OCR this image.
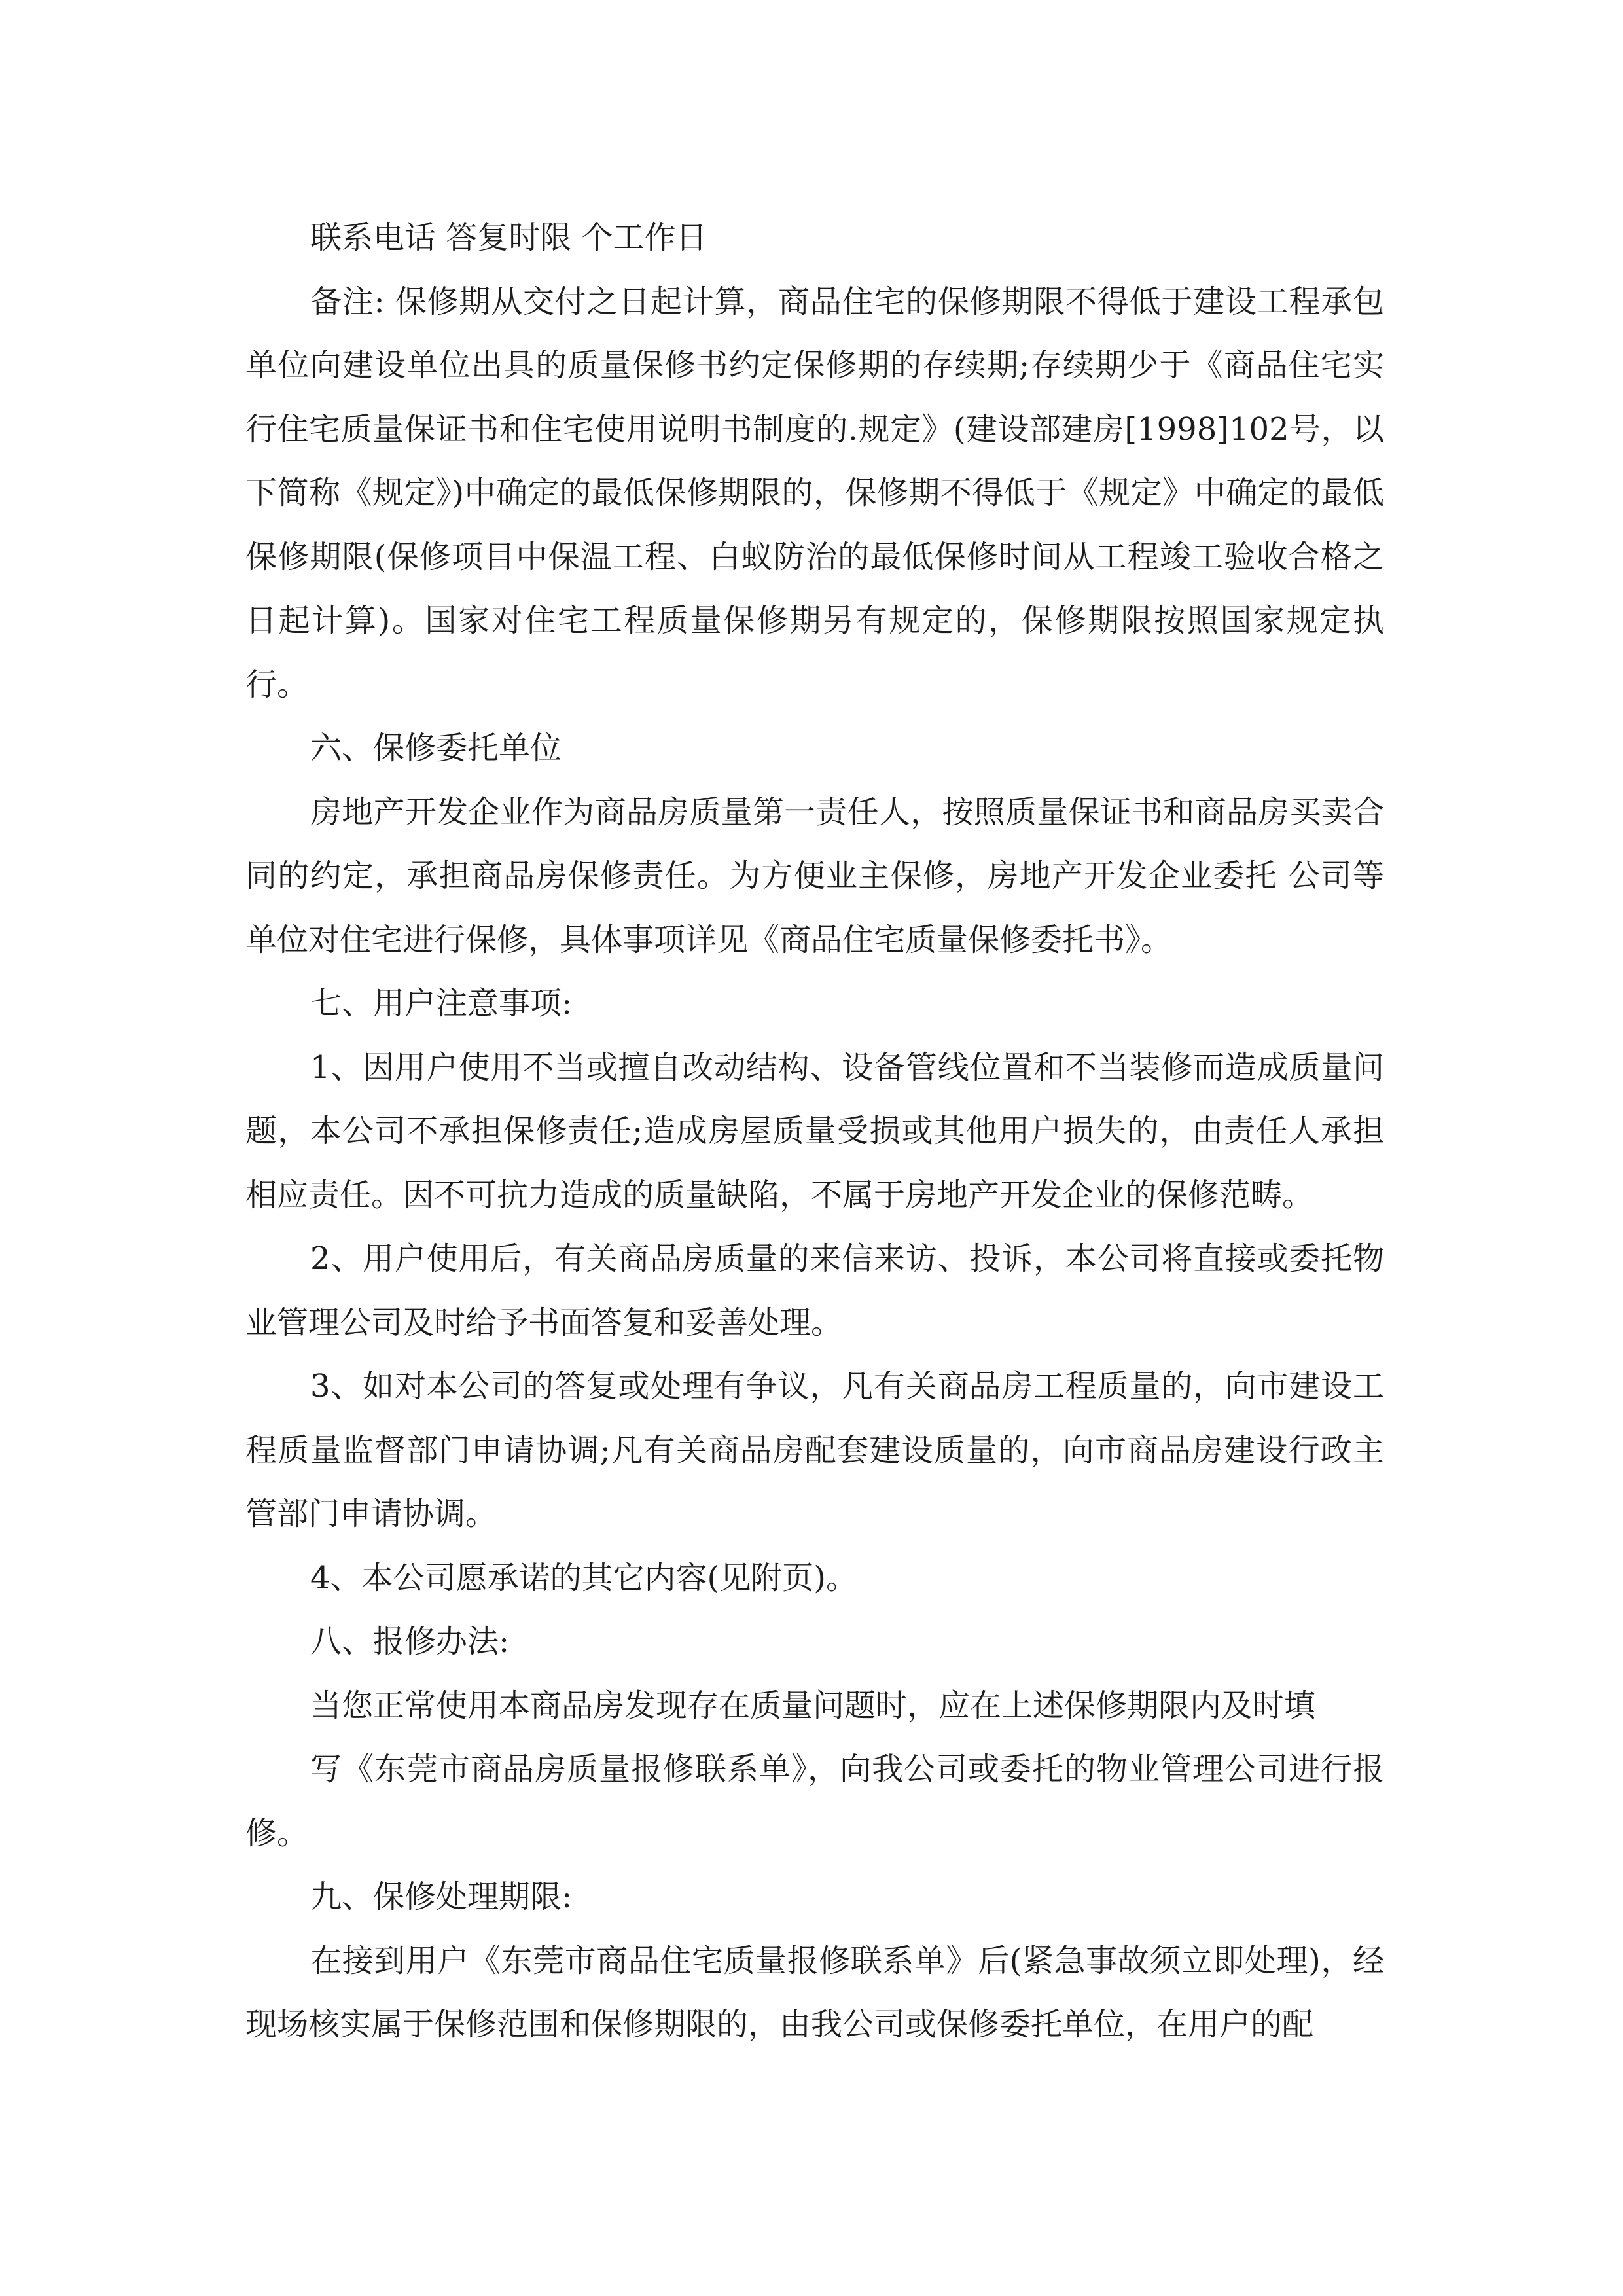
联系电话 答复时限 个工作日

备注: 保修期从交付之日起计算，商品住宅的保修期限不得低于建设工程承包单位向建设单位出具的质量保修书约定保修期的存续期;存续期少于《商品住宅实行住宅质量保证书和住宅使用说明书制度的.规定》(建设部建房[1998]102号，以下简称《规定》)中确定的最低保修期限的，保修期不得低于《规定》中确定的最低保修期限(保修项目中保温工程、白蚁防治的最低保修时间从工程竣工验收合格之日起计算)。国家对住宅工程质量保修期另有规定的，保修期限按照国家规定执行。

六、保修委托单位

房地产开发企业作为商品房质量第一责任人，按照质量保证书和商品房买卖合同的约定，承担商品房保修责任。为方便业主保修，房地产开发企业委托 公司等单位对住宅进行保修，具体事项详见《商品住宅质量保修委托书》。

七、用户注意事项:

1、因用户使用不当或擅自改动结构、设备管线位置和不当装修而造成质量问题，本公司不承担保修责任;造成房屋质量受损或其他用户损失的，由责任人承担相应责任。因不可抗力造成的质量缺陷，不属于房地产开发企业的保修范畴。

2、用户使用后，有关商品房质量的来信来访、投诉，本公司将直接或委托物业管理公司及时给予书面答复和妥善处理。

3、如对本公司的答复或处理有争议，凡有关商品房工程质量的，向市建设工程质量监督部门申请协调;凡有关商品房配套建设质量的，向市商品房建设行政主管部门申请协调。

4、本公司愿承诺的其它内容(见附页)。

八、报修办法:

当您正常使用本商品房发现存在质量问题时，应在上述保修期限内及时填

写《东莞市商品房质量报修联系单》，向我公司或委托的物业管理公司进行报修。

九、保修处理期限:

在接到用户《东莞市商品住宅质量报修联系单》后(紧急事故须立即处理)，经现场核实属于保修范围和保修期限的，由我公司或保修委托单位，在用户的配
